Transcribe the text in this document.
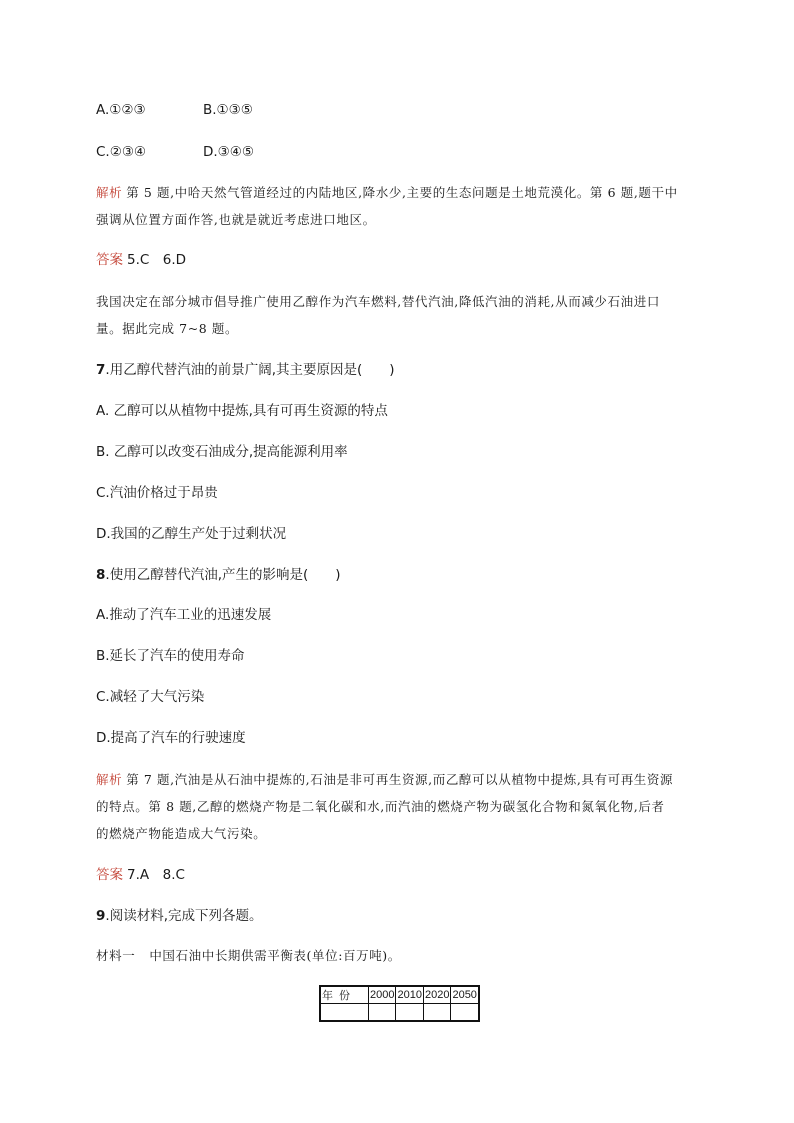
A.①②③	B.①③⑤
C.②③④	D.③④⑤
解析 第 5 题,中哈天然气管道经过的内陆地区,降水少,主要的生态问题是土地荒漠化。第 6 题,题干中
强调从位置方面作答,也就是就近考虑进口地区。
答案 5.C　6.D
我国决定在部分城市倡导推广使用乙醇作为汽车燃料,替代汽油,降低汽油的消耗,从而减少石油进口
量。据此完成 7~8 题。
7.用乙醇代替汽油的前景广阔,其主要原因是(　　)
A. 乙醇可以从植物中提炼,具有可再生资源的特点
B. 乙醇可以改变石油成分,提高能源利用率
C.汽油价格过于昂贵
D.我国的乙醇生产处于过剩状况
8.使用乙醇替代汽油,产生的影响是(　　)
A.推动了汽车工业的迅速发展
B.延长了汽车的使用寿命
C.减轻了大气污染
D.提高了汽车的行驶速度
解析 第 7 题,汽油是从石油中提炼的,石油是非可再生资源,而乙醇可以从植物中提炼,具有可再生资源
的特点。第 8 题,乙醇的燃烧产物是二氧化碳和水,而汽油的燃烧产物为碳氢化合物和氮氧化物,后者
的燃烧产物能造成大气污染。
答案 7.A　8.C
9.阅读材料,完成下列各题。
材料一 中国石油中长期供需平衡表(单位:百万吨)。
年份	2000	2010	2020	2050
